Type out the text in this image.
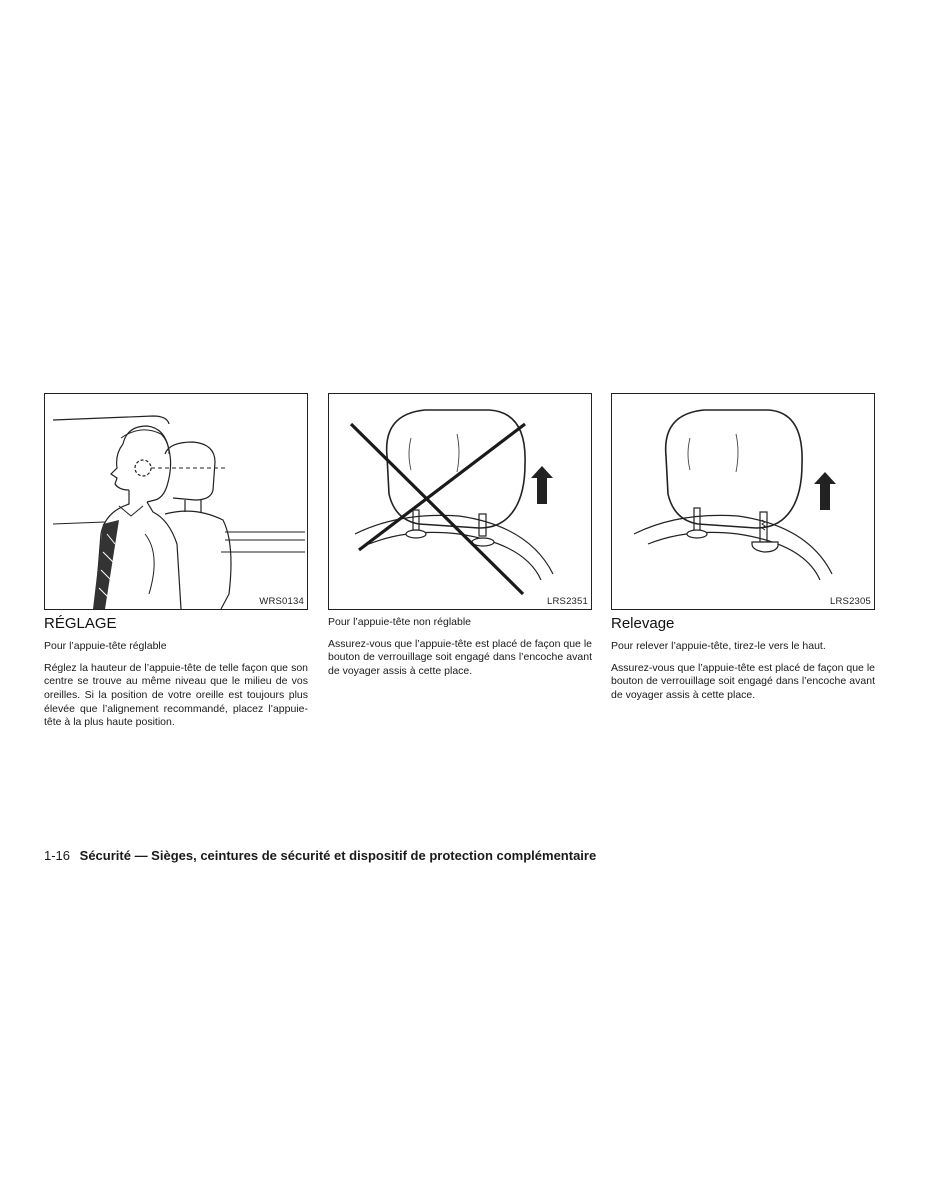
WRS0134
RÉGLAGE

Pour l’appuie-tête réglable

Réglez la hauteur de l’appuie-tête de telle façon que son centre se trouve au même niveau que le milieu de vos oreilles. Si la position de votre oreille est toujours plus élevée que l’alignement recommandé, placez l’appuie-tête à la plus haute position.

LRS2351

Pour l’appuie-tête non réglable

Assurez-vous que l’appuie-tête est placé de façon que le bouton de verrouillage soit engagé dans l’encoche avant de voyager assis à cette place.

LRS2305
Relevage

Pour relever l’appuie-tête, tirez-le vers le haut.

Assurez-vous que l’appuie-tête est placé de façon que le bouton de verrouillage soit engagé dans l’encoche avant de voyager assis à cette place.

1-16 Sécurité — Sièges, ceintures de sécurité et dispositif de protection complémentaire
